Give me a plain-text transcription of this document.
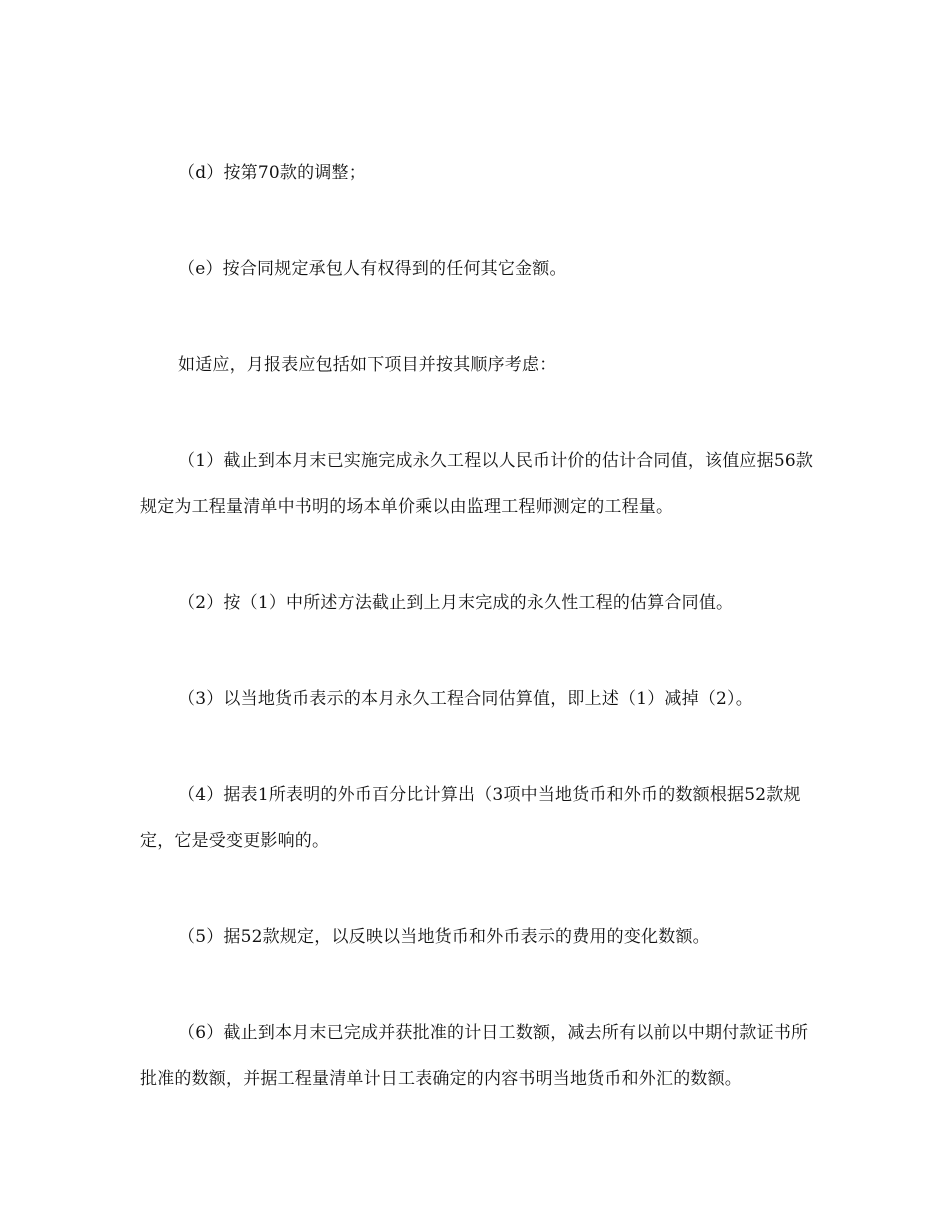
（d）按第70款的调整；

（e）按合同规定承包人有权得到的任何其它金额。

如适应，月报表应包括如下项目并按其顺序考虑：

（1）截止到本月末已实施完成永久工程以人民币计价的估计合同值，该值应据56款规定为工程量清单中书明的场本单价乘以由监理工程师测定的工程量。

（2）按（1）中所述方法截止到上月末完成的永久性工程的估算合同值。

（3）以当地货币表示的本月永久工程合同估算值，即上述（1）减掉（2）。

（4）据表1所表明的外币百分比计算出（3项中当地货币和外币的数额根据52款规定，它是受变更影响的。

（5）据52款规定，以反映以当地货币和外币表示的费用的变化数额。

（6）截止到本月末已完成并获批准的计日工数额，减去所有以前以中期付款证书所批准的数额，并据工程量清单计日工表确定的内容书明当地货币和外汇的数额。
